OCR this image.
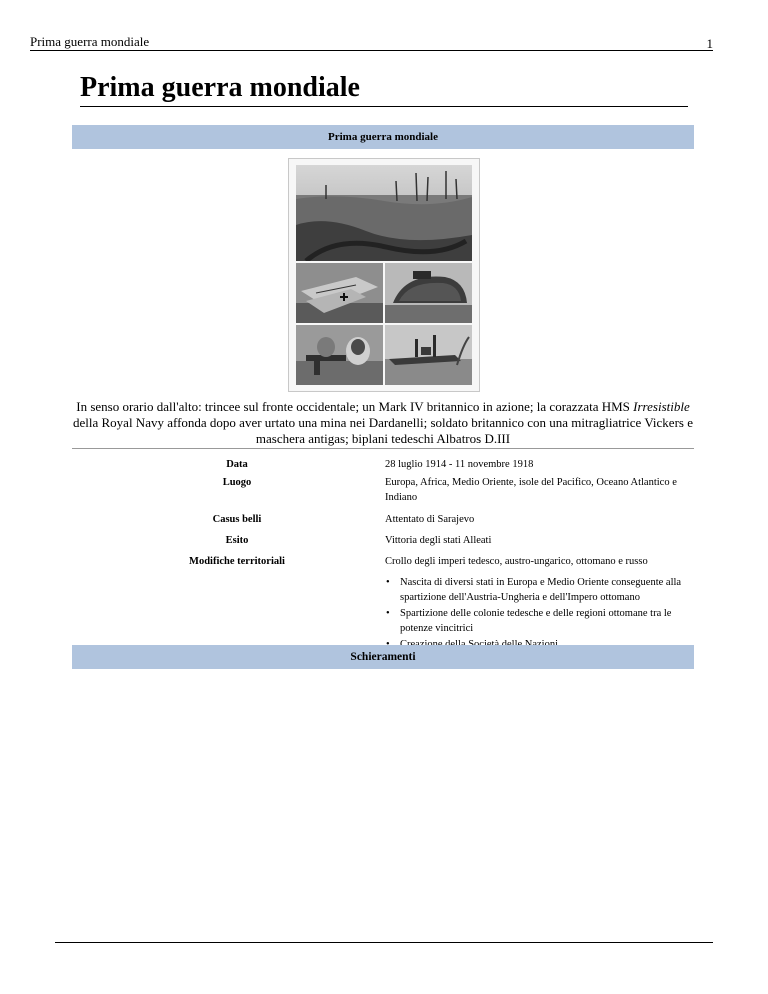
Prima guerra mondiale	1
Prima guerra mondiale
Prima guerra mondiale
In senso orario dall'alto: trincee sul fronte occidentale; un Mark IV britannico in azione; la corazzata HMS Irresistible della Royal Navy affonda dopo aver urtato una mina nei Dardanelli; soldato britannico con una mitragliatrice Vickers e maschera antigas; biplani tedeschi Albatros D.III
Data	28 luglio 1914 - 11 novembre 1918
Luogo	Europa, Africa, Medio Oriente, isole del Pacifico, Oceano Atlantico e Indiano
Casus belli	Attentato di Sarajevo
Esito	Vittoria degli stati Alleati
Modifiche territoriali	Crollo degli imperi tedesco, austro-ungarico, ottomano e russo
• Nascita di diversi stati in Europa e Medio Oriente conseguente alla spartizione dell'Austria-Ungheria e dell'Impero ottomano
• Spartizione delle colonie tedesche e delle regioni ottomane tra le potenze vincitrici
Schieramenti
